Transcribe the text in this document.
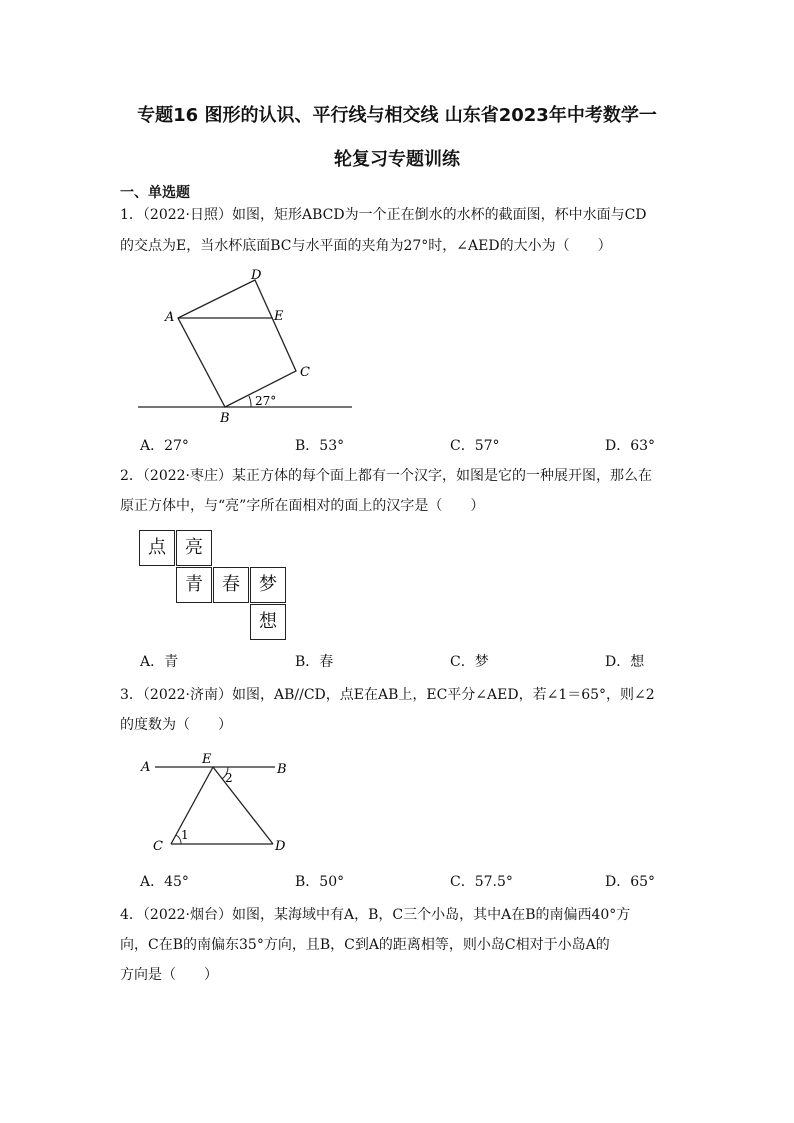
专题16 图形的认识、平行线与相交线 山东省2023年中考数学一
轮复习专题训练
一、单选题
1．（2022·日照）如图，矩形ABCD为一个正在倒水的水杯的截面图，杯中水面与CD
的交点为E，当水杯底面BC与水平面的夹角为27°时，∠AED的大小为（　　）
D
A	E
C
B
27°
A．27°	B．53°	C．57°	D．63°
2．（2022·枣庄）某正方体的每个面上都有一个汉字，如图是它的一种展开图，那么在
原正方体中，与“亮”字所在面相对的面上的汉字是（　　）
点	亮
青	春	梦
想
A．青	B．春	C．梦	D．想
3．（2022·济南）如图，AB//CD，点E在AB上，EC平分∠AED，若∠1＝65°，则∠2
的度数为（　　）
A	B
E
C	D
1
2
A．45°	B．50°	C．57.5°	D．65°
4．（2022·烟台）如图，某海域中有A，B，C三个小岛，其中A在B的南偏西40°方
向，C在B的南偏东35°方向，且B，C到A的距离相等，则小岛C相对于小岛A的
方向是（　　）
